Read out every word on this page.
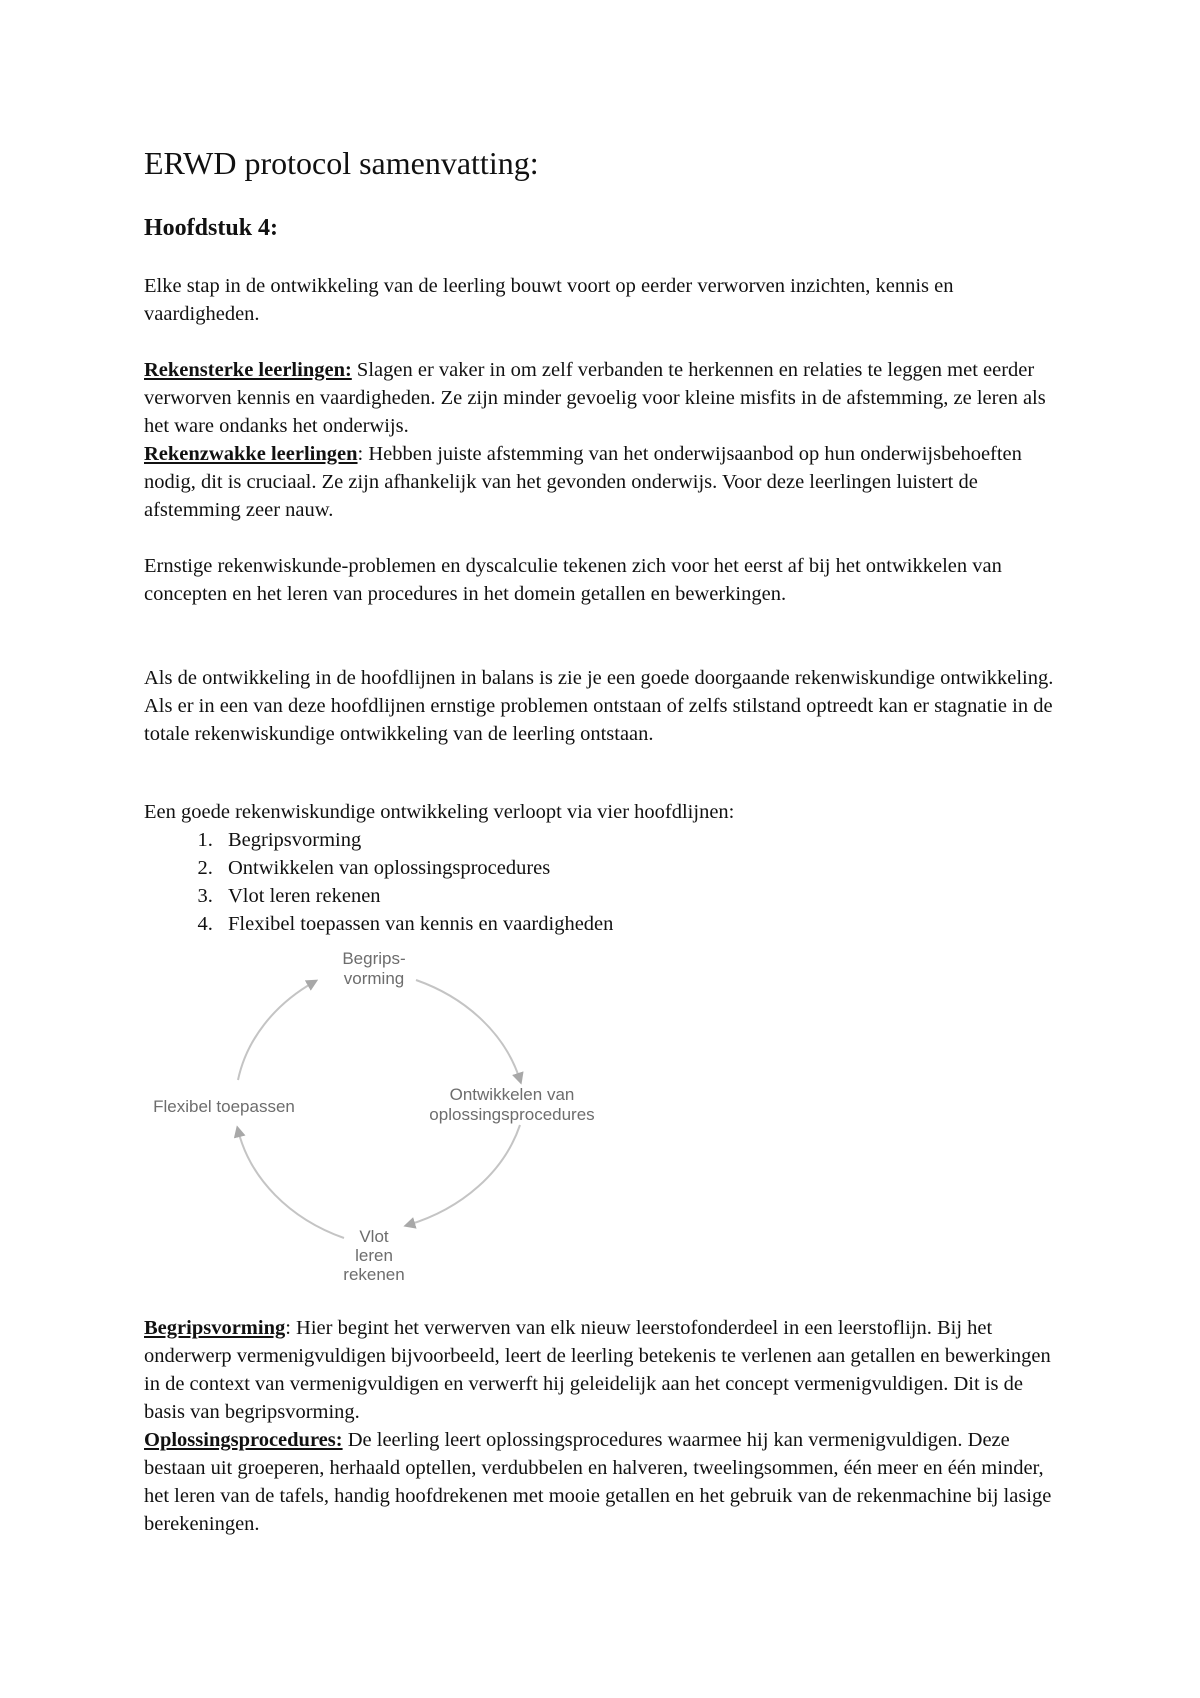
ERWD protocol samenvatting:
Hoofdstuk 4:

Elke stap in de ontwikkeling van de leerling bouwt voort op eerder verworven inzichten, kennis en vaardigheden.

Rekensterke leerlingen: Slagen er vaker in om zelf verbanden te herkennen en relaties te leggen met eerder verworven kennis en vaardigheden. Ze zijn minder gevoelig voor kleine misfits in de afstemming, ze leren als het ware ondanks het onderwijs.

Rekenzwakke leerlingen: Hebben juiste afstemming van het onderwijsaanbod op hun onderwijsbehoeften nodig, dit is cruciaal. Ze zijn afhankelijk van het gevonden onderwijs. Voor deze leerlingen luistert de afstemming zeer nauw.

Ernstige rekenwiskunde-problemen en dyscalculie tekenen zich voor het eerst af bij het ontwikkelen van concepten en het leren van procedures in het domein getallen en bewerkingen.

Als de ontwikkeling in de hoofdlijnen in balans is zie je een goede doorgaande rekenwiskundige ontwikkeling. Als er in een van deze hoofdlijnen ernstige problemen ontstaan of zelfs stilstand optreedt kan er stagnatie in de totale rekenwiskundige ontwikkeling van de leerling ontstaan.

Een goede rekenwiskundige ontwikkeling verloopt via vier hoofdlijnen:

1. Begripsvorming
2. Ontwikkelen van oplossingsprocedures
3. Vlot leren rekenen
4. Flexibel toepassen van kennis en vaardigheden
Begrips-
vorming
Ontwikkelen van
oplossingsprocedures
Vlot
leren
rekenen
Flexibel toepassen

Begripsvorming: Hier begint het verwerven van elk nieuw leerstofonderdeel in een leerstoflijn. Bij het onderwerp vermenigvuldigen bijvoorbeeld, leert de leerling betekenis te verlenen aan getallen en bewerkingen in de context van vermenigvuldigen en verwerft hij geleidelijk aan het concept vermenigvuldigen. Dit is de basis van begripsvorming.

Oplossingsprocedures: De leerling leert oplossingsprocedures waarmee hij kan vermenigvuldigen. Deze bestaan uit groeperen, herhaald optellen, verdubbelen en halveren, tweelingsommen, één meer en één minder, het leren van de tafels, handig hoofdrekenen met mooie getallen en het gebruik van de rekenmachine bij lasige berekeningen.
